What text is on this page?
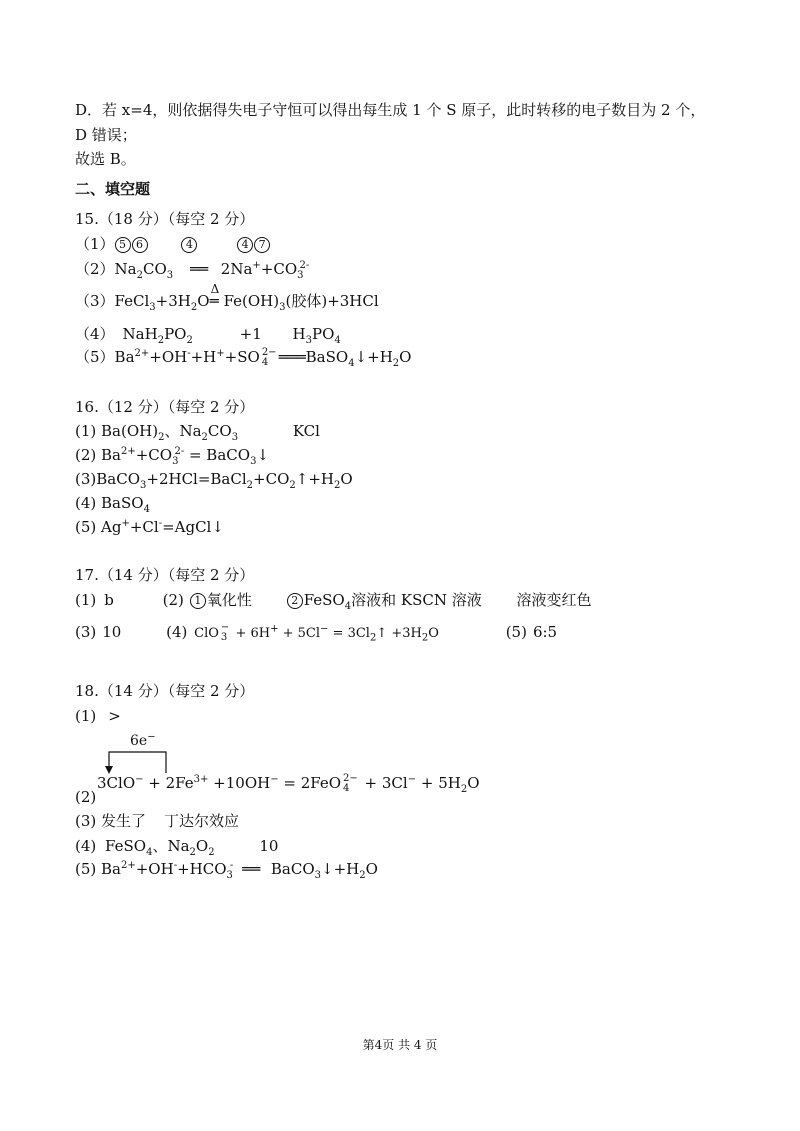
D．若 x=4，则依据得失电子守恒可以得出每生成 1 个 S 原子，此时转移的电子数目为 2 个，
D 错误；
故选 B。
二、填空题
15.（18 分）（每空 2 分）
（1） 5 6	4	4 7
$(2)Na_2CO_3$ ══ $2Na^++CO_3^{2-}$
$(3)FeCl_3+3H_2O$
Δ
═ $Fe(OH)_3$(胶体)+3HCl
（4） $NaH_2PO_2$	+1 $H_3PO_4$
$(5)Ba^{2+}+OH^-+H^++SO$ 2−
4 $═══BaSO_4↓+H_2O$
16.（12 分）（每空 2 分）
(1) $Ba(OH)_2$、$Na_2CO_3$	KCl
(2) $Ba^{2+}+CO_3^{2-}$ = BaCO$_3$↓
$(3)BaCO_3+2HCl=BaCl_2+CO_2↑+H_2O$
(4) BaSO$_4$
(5) Ag++Cl-=AgCl↓
17.（14 分）（每空 2 分）
(1) b	(2) 1 氧化性	2 FeSO$_4$溶液和 KSCN 溶液 溶液变红色
(3) 10	(4) ClO −
$3 + 6H^+ + 5Cl^- = 3Cl_2↑ +3H_2O$	(5) 6:5
18.（14 分）（每空 2 分）
(1) >
6e−
(2)
$3ClO^- + 2Fe^{3+} +10OH^- = 2FeO$ 2−
$4 + 3Cl^- + 5H_2O$
(3) 发生了 丁达尔效应
(4) FeSO$_4$、$Na_2O_2$	10
(5) $Ba^{2+}+OH^-+HCO_3^-$ ══ $BaCO_3↓+H_2O$
第4页 共 4 页
